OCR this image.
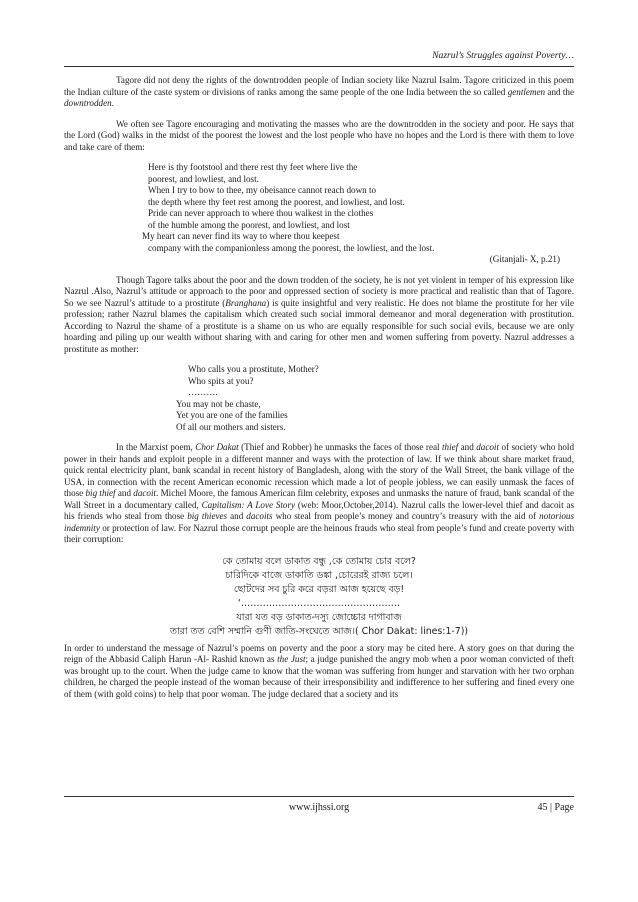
Nazrul’s Struggles against Poverty…

Tagore did not deny the rights of the downtrodden people of Indian society like Nazrul Isalm. Tagore criticized in this poem the Indian culture of the caste system or divisions of ranks among the same people of the one India between the so called gentlemen and the downtrodden.

We often see Tagore encouraging and motivating the masses who are the downtrodden in the society and poor. He says that the Lord (God) walks in the midst of the poorest the lowest and the lost people who have no hopes and the Lord is there with them to love and take care of them:

Here is thy footstool and there rest thy feet where live the
poorest, and lowliest, and lost.
When I try to bow to thee, my obeisance cannot reach down to
the depth where thy feet rest among the poorest, and lowliest, and lost.
Pride can never approach to where thou walkest in the clothes
of the humble among the poorest, and lowliest, and lost
My heart can never find its way to where thou keepest
company with the companionless among the poorest, the lowliest, and the lost.
(Gitanjali- X, p.21)

Though Tagore talks about the poor and the down trodden of the society, he is not yet violent in temper of his expression like Nazrul .Also, Nazrul’s attitude or approach to the poor and oppressed section of society is more practical and realistic than that of Tagore. So we see Nazrul’s attitude to a prostitute (Branghana) is quite insightful and very realistic. He does not blame the prostitute for her vile profession; rather Nazrul blames the capitalism which created such social immoral demeanor and moral degeneration with prostitution. According to Nazrul the shame of a prostitute is a shame on us who are equally responsible for such social evils, because we are only hoarding and piling up our wealth without sharing with and caring for other men and women suffering from poverty. Nazrul addresses a prostitute as mother:

Who calls you a prostitute, Mother?
Who spits at you?
……….
You may not be chaste,
Yet you are one of the families
Of all our mothers and sisters.

In the Marxist poem, Chor Dakat (Thief and Robber) he unmasks the faces of those real thief and dacoit of society who hold power in their hands and exploit people in a different manner and ways with the protection of law. If we think about share market fraud, quick rental electricity plant, bank scandal in recent history of Bangladesh, along with the story of the Wall Street, the bank village of the USA, in connection with the recent American economic recession which made a lot of people jobless, we can easily unmask the faces of those big thief and dacoit. Michel Moore, the famous American film celebrity, exposes and unmasks the nature of fraud, bank scandal of the Wall Street in a documentary called, Capitalism: A Love Story (web: Moor,October,2014). Nazrul calls the lower-level thief and dacoit as his friends who steal from those big thieves and dacoits who steal from people’s money and country’s treasury with the aid of notorious indemnity or protection of law. For Nazrul those corrupt people are the heinous frauds who steal from people’s fund and create poverty with their corruption:

কে তোমায় বলে ডাকাত বন্ধু ,কে তোমায় চোর বলে?
চারিদিকে বাজে ডাকাতি ডঙ্কা ,চোরেরই রাজ্য চলে।
ছোটদের সব চুরি করে বড়রা আজ হয়েছে বড়!
‘……………………………………………
যারা যত বড় ডাকাত-দস্যু জোচ্চোর দাগাবাজ
তারা তত বেশি সম্মানি গুণী জাতি-সংঘেতে আজ।( Chor Dakat: lines:1-7))

In order to understand the message of Nazrul’s poems on poverty and the poor a story may be cited here. A story goes on that during the reign of the Abbasid Caliph Harun -Al- Rashid known as the Just; a judge punished the angry mob when a poor woman convicted of theft was brought up to the court. When the judge came to know that the woman was suffering from hunger and starvation with her two orphan children, he charged the people instead of the woman because of their irresponsibility and indifference to her suffering and fined every one of them (with gold coins) to help that poor woman. The judge declared that a society and its

www.ijhssi.org	45 | Page
